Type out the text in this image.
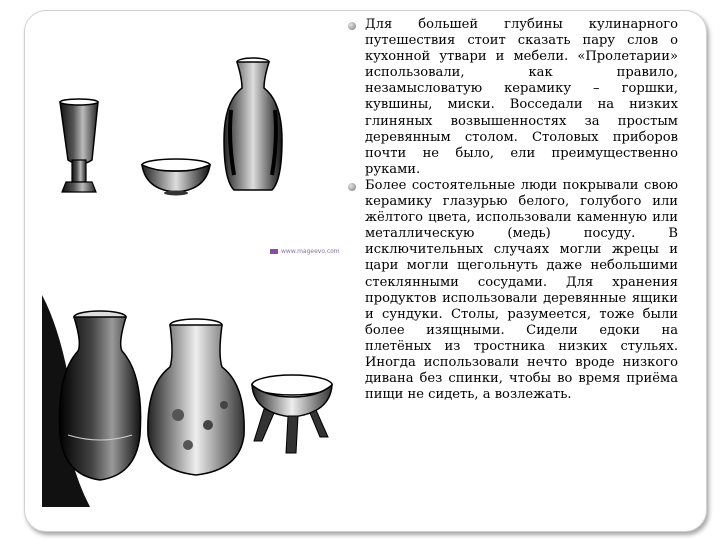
www.mageevo.com
Для большей глубины кулинарного путешествия стоит сказать пару слов о кухонной утвари и мебели. «Пролетарии» использовали, как правило, незамысловатую керамику – горшки, кувшины, миски. Восседали на низких глиняных возвышенностях за простым деревянным столом. Столовых приборов почти не было, ели преимущественно руками.
Более состоятельные люди покрывали свою керамику глазурью белого, голубого или жёлтого цвета, использовали каменную или металлическую (медь) посуду. В исключительных случаях могли жрецы и цари могли щегольнуть даже небольшими стеклянными сосудами. Для хранения продуктов использовали деревянные ящики и сундуки. Столы, разумеется, тоже были более изящными. Сидели едоки на плетёных из тростника низких стульях. Иногда использовали нечто вроде низкого дивана без спинки, чтобы во время приёма пищи не сидеть, а возлежать.
